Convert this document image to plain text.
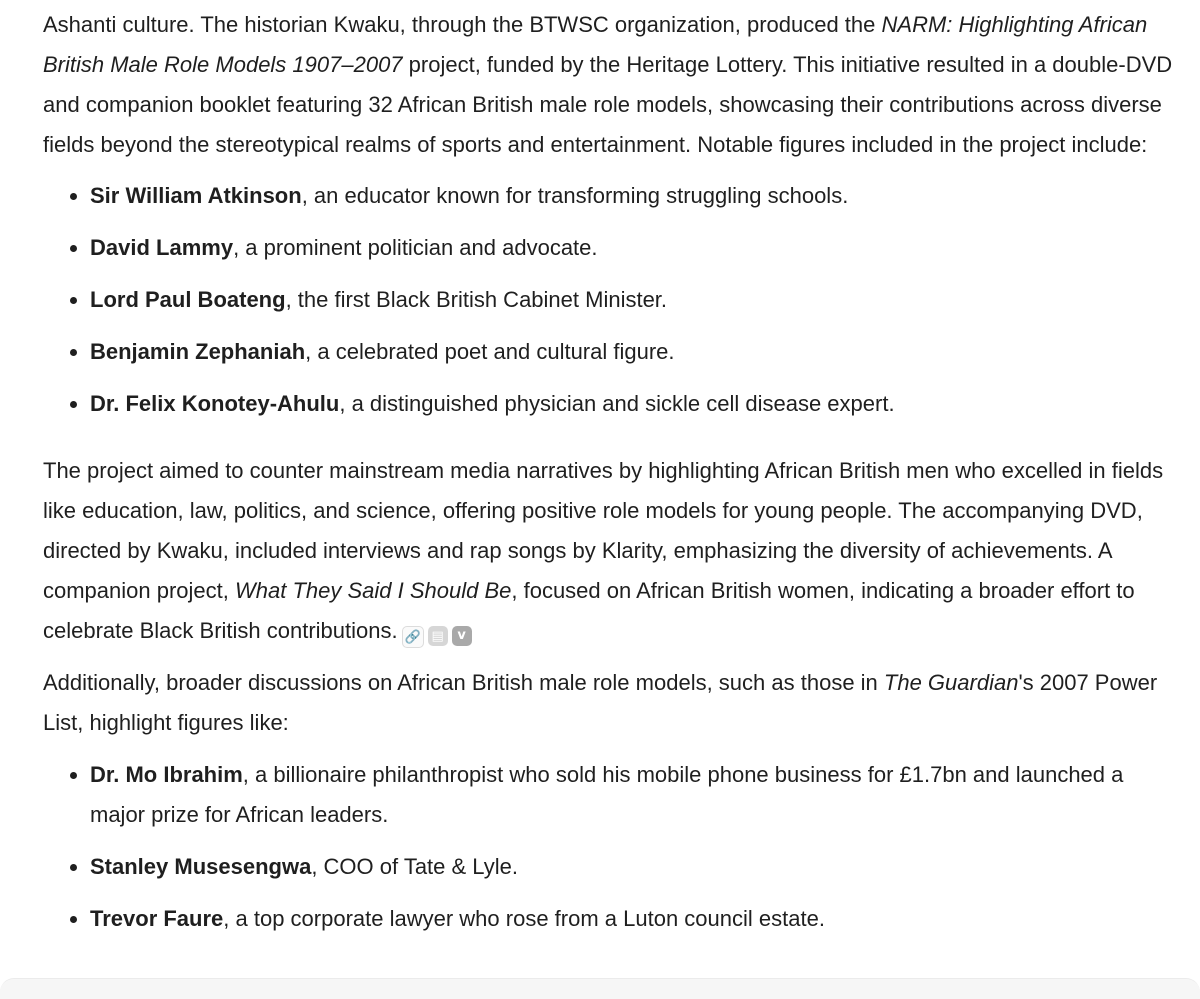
Ashanti culture. The historian Kwaku, through the BTWSC organization, produced the NARM: Highlighting African British Male Role Models 1907–2007 project, funded by the Heritage Lottery. This initiative resulted in a double-DVD and companion booklet featuring 32 African British male role models, showcasing their contributions across diverse fields beyond the stereotypical realms of sports and entertainment. Notable figures included in the project include:

Sir William Atkinson, an educator known for transforming struggling schools.
David Lammy, a prominent politician and advocate.
Lord Paul Boateng, the first Black British Cabinet Minister.
Benjamin Zephaniah, a celebrated poet and cultural figure.
Dr. Felix Konotey-Ahulu, a distinguished physician and sickle cell disease expert.

The project aimed to counter mainstream media narratives by highlighting African British men who excelled in fields like education, law, politics, and science, offering positive role models for young people. The accompanying DVD, directed by Kwaku, included interviews and rap songs by Klarity, emphasizing the diversity of achievements. A companion project, What They Said I Should Be, focused on African British women, indicating a broader effort to celebrate Black British contributions. 🔗 ▤	v

Additionally, broader discussions on African British male role models, such as those in The Guardian's 2007 Power List, highlight figures like:

Dr. Mo Ibrahim, a billionaire philanthropist who sold his mobile phone business for £1.7bn and launched a major prize for African leaders.
Stanley Musesengwa, COO of Tate & Lyle.
Trevor Faure, a top corporate lawyer who rose from a Luton council estate.
